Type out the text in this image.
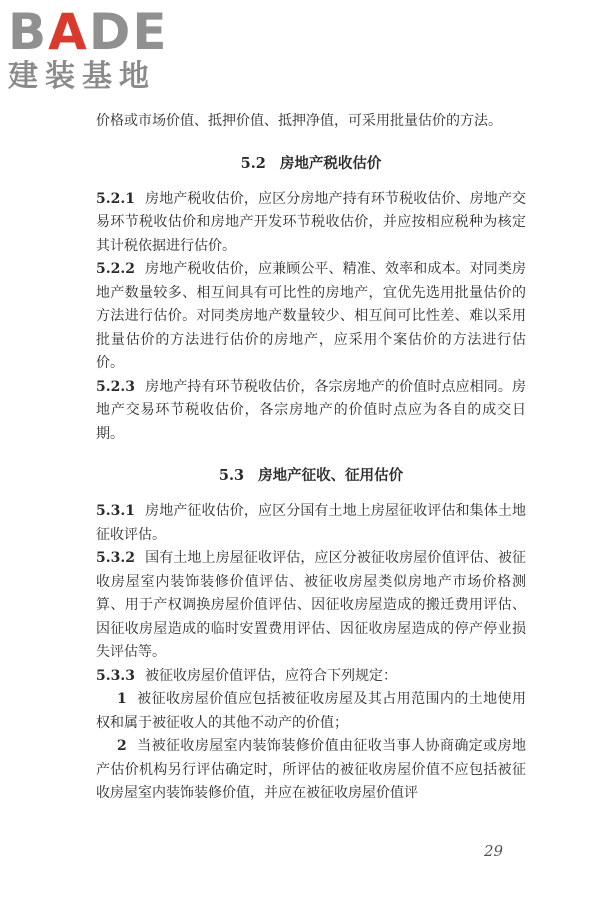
BADE
建装基地

价格或市场价值、抵押价值、抵押净值，可采用批量估价的方法。

5.2 房地产税收估价

5.2.1 房地产税收估价，应区分房地产持有环节税收估价、房地产交易环节税收估价和房地产开发环节税收估价，并应按相应税种为核定其计税依据进行估价。

5.2.2 房地产税收估价，应兼顾公平、精准、效率和成本。对同类房地产数量较多、相互间具有可比性的房地产，宜优先选用批量估价的方法进行估价。对同类房地产数量较少、相互间可比性差、难以采用批量估价的方法进行估价的房地产，应采用个案估价的方法进行估价。

5.2.3 房地产持有环节税收估价，各宗房地产的价值时点应相同。房地产交易环节税收估价，各宗房地产的价值时点应为各自的成交日期。

5.3 房地产征收、征用估价

5.3.1 房地产征收估价，应区分国有土地上房屋征收评估和集体土地征收评估。

5.3.2 国有土地上房屋征收评估，应区分被征收房屋价值评估、被征收房屋室内装饰装修价值评估、被征收房屋类似房地产市场价格测算、用于产权调换房屋价值评估、因征收房屋造成的搬迁费用评估、因征收房屋造成的临时安置费用评估、因征收房屋造成的停产停业损失评估等。

5.3.3 被征收房屋价值评估，应符合下列规定：

1 被征收房屋价值应包括被征收房屋及其占用范围内的土地使用权和属于被征收人的其他不动产的价值；

2 当被征收房屋室内装饰装修价值由征收当事人协商确定或房地产估价机构另行评估确定时，所评估的被征收房屋价值不应包括被征收房屋室内装饰装修价值，并应在被征收房屋价值评

29
